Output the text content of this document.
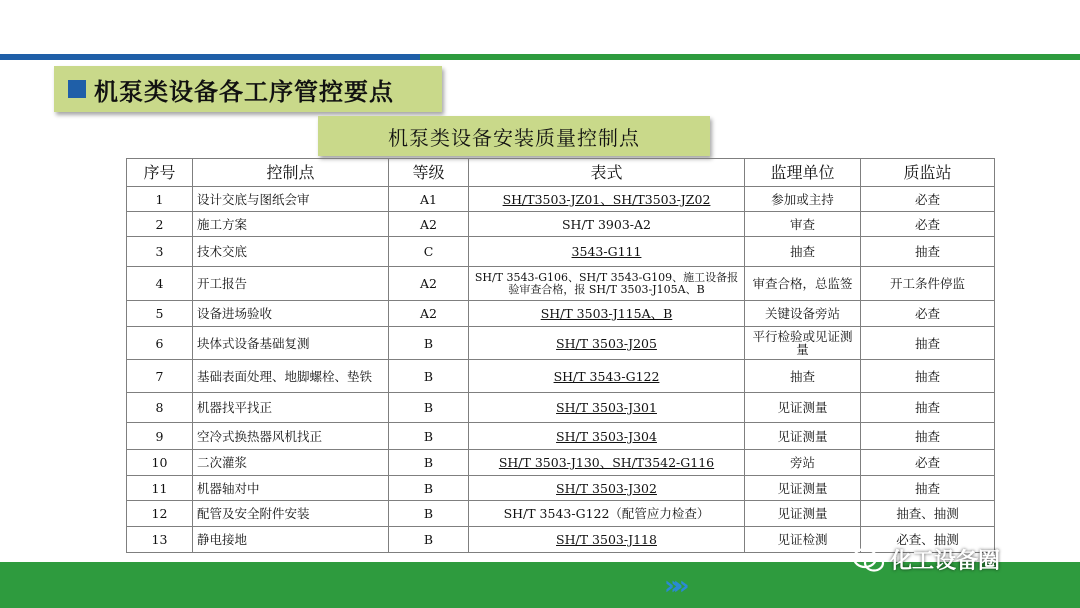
机泵类设备各工序管控要点
机泵类设备安装质量控制点
序号	控制点	等级	表式	监理单位	质监站
1	设计交底与图纸会审	A1	SH/T3503-JZ01、SH/T3503-JZ02	参加或主持	必查
2	施工方案	A2	SH/T 3903-A2	审查	必查
3	技术交底	C	3543-G111	抽查	抽查
4	开工报告	A2	SH/T 3543-G106、SH/T 3543-G109、施工设备报验审查合格，报 SH/T 3503-J105A、B	审查合格，总监签	开工条件停监
5	设备进场验收	A2	SH/T 3503-J115A、B	关键设备旁站	必查
6	块体式设备基础复测	B	SH/T 3503-J205	平行检验或见证测量	抽查
7	基础表面处理、地脚螺栓、垫铁	B	SH/T 3543-G122	抽查	抽查
8	机器找平找正	B	SH/T 3503-J301	见证测量	抽查
9	空冷式换热器风机找正	B	SH/T 3503-J304	见证测量	抽查
10	二次灌浆	B	SH/T 3503-J130、SH/T3542-G116	旁站	必查
11	机器轴对中	B	SH/T 3503-J302	见证测量	抽查
12	配管及安全附件安装	B	SH/T 3543-G122（配管应力检查）	见证测量	抽查、抽测
13	静电接地	B	SH/T 3503-J118	见证检测	必查、抽测
»»
化工设备圈
